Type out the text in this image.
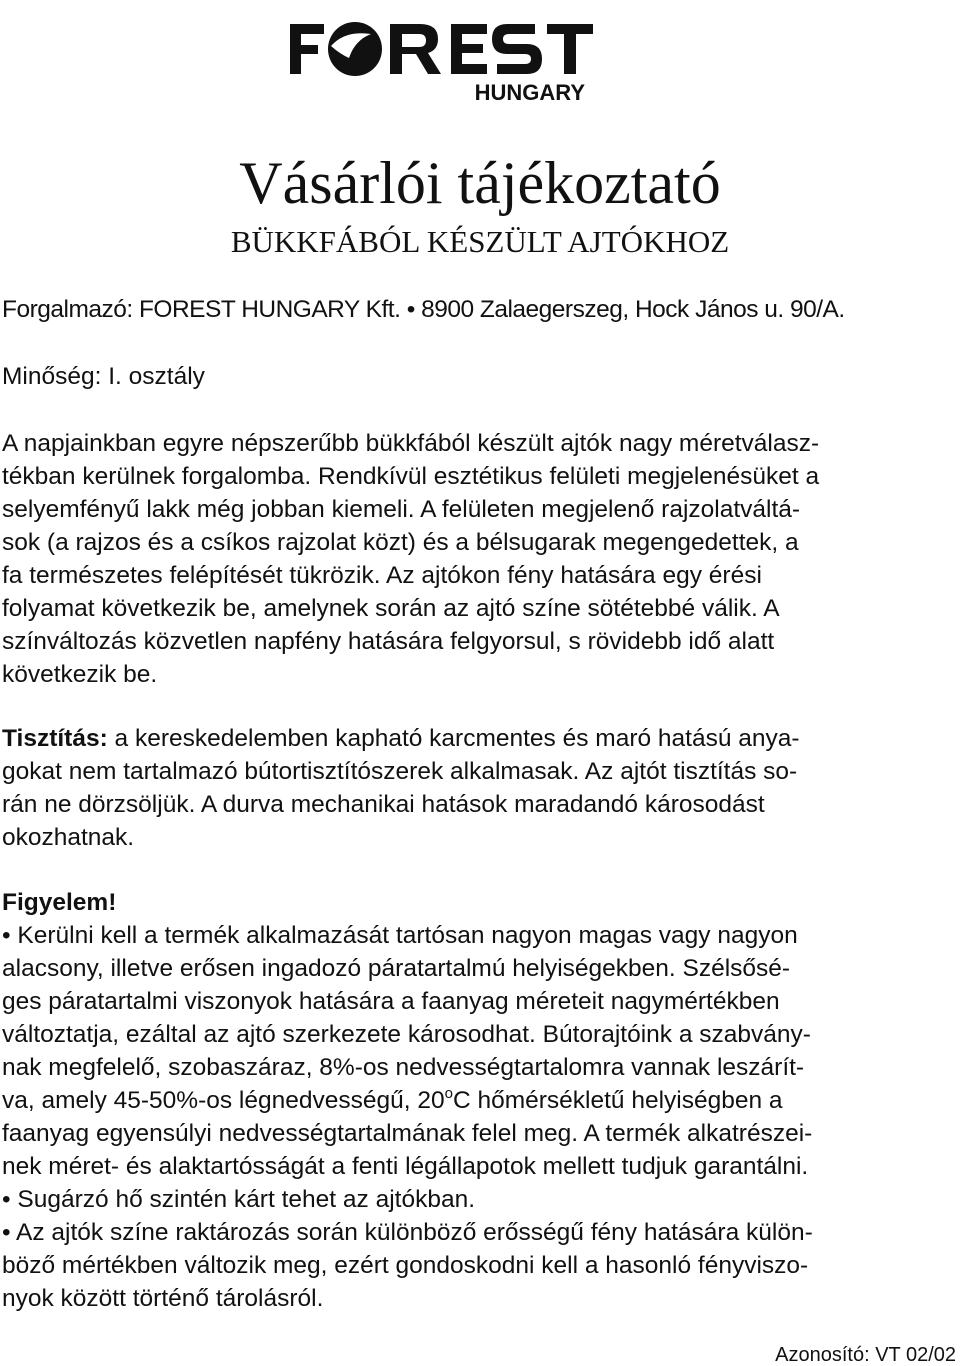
HUNGARY
Vásárlói tájékoztató
BÜKKFÁBÓL KÉSZÜLT AJTÓKHOZ
Forgalmazó: FOREST HUNGARY Kft. • 8900 Zalaegerszeg, Hock János u. 90/A.
Minőség: I. osztály
A napjainkban egyre népszerűbb bükkfából készült ajtók nagy méretválasz-
tékban kerülnek forgalomba. Rendkívül esztétikus felületi megjelenésüket a
selyemfényű lakk még jobban kiemeli. A felületen megjelenő rajzolatváltá-
sok (a rajzos és a csíkos rajzolat közt) és a bélsugarak megengedettek, a
fa természetes felépítését tükrözik. Az ajtókon fény hatására egy érési
folyamat következik be, amelynek során az ajtó színe sötétebbé válik. A
színváltozás közvetlen napfény hatására felgyorsul, s rövidebb idő alatt
következik be.
Tisztítás: a kereskedelemben kapható karcmentes és maró hatású anya-
gokat nem tartalmazó bútortisztítószerek alkalmasak. Az ajtót tisztítás so-
rán ne dörzsöljük. A durva mechanikai hatások maradandó károsodást
okozhatnak.
Figyelem!
• Kerülni kell a termék alkalmazását tartósan nagyon magas vagy nagyon
alacsony, illetve erősen ingadozó páratartalmú helyiségekben. Szélsősé-
ges páratartalmi viszonyok hatására a faanyag méreteit nagymértékben
változtatja, ezáltal az ajtó szerkezete károsodhat. Bútorajtóink a szabvány-
nak megfelelő, szobaszáraz, 8%-os nedvességtartalomra vannak leszárít-
va, amely 45-50%-os légnedvességű, 20$^o$C hőmérsékletű helyiségben a
faanyag egyensúlyi nedvességtartalmának felel meg. A termék alkatrészei-
nek méret- és alaktartósságát a fenti légállapotok mellett tudjuk garantálni.
• Sugárzó hő szintén kárt tehet az ajtókban.
• Az ajtók színe raktározás során különböző erősségű fény hatására külön-
böző mértékben változik meg, ezért gondoskodni kell a hasonló fényviszo-
nyok között történő tárolásról.
Azonosító: VT 02/02
